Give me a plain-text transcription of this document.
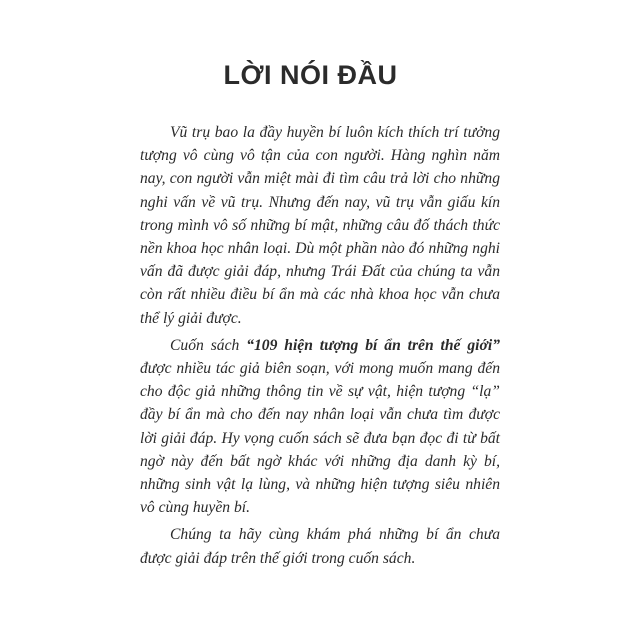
LỜI NÓI ĐẦU

Vũ trụ bao la đầy huyền bí luôn kích thích trí tưởng tượng vô cùng vô tận của con người. Hàng nghìn năm nay, con người vẫn miệt mài đi tìm câu trả lời cho những nghi vấn về vũ trụ. Nhưng đến nay, vũ trụ vẫn giấu kín trong mình vô số những bí mật, những câu đố thách thức nền khoa học nhân loại. Dù một phần nào đó những nghi vấn đã được giải đáp, nhưng Trái Đất của chúng ta vẫn còn rất nhiều điều bí ẩn mà các nhà khoa học vẫn chưa thể lý giải được.

Cuốn sách “109 hiện tượng bí ẩn trên thế giới” được nhiều tác giả biên soạn, với mong muốn mang đến cho độc giả những thông tin về sự vật, hiện tượng “lạ” đầy bí ẩn mà cho đến nay nhân loại vẫn chưa tìm được lời giải đáp. Hy vọng cuốn sách sẽ đưa bạn đọc đi từ bất ngờ này đến bất ngờ khác với những địa danh kỳ bí, những sinh vật lạ lùng, và những hiện tượng siêu nhiên vô cùng huyền bí.

Chúng ta hãy cùng khám phá những bí ẩn chưa được giải đáp trên thế giới trong cuốn sách.
